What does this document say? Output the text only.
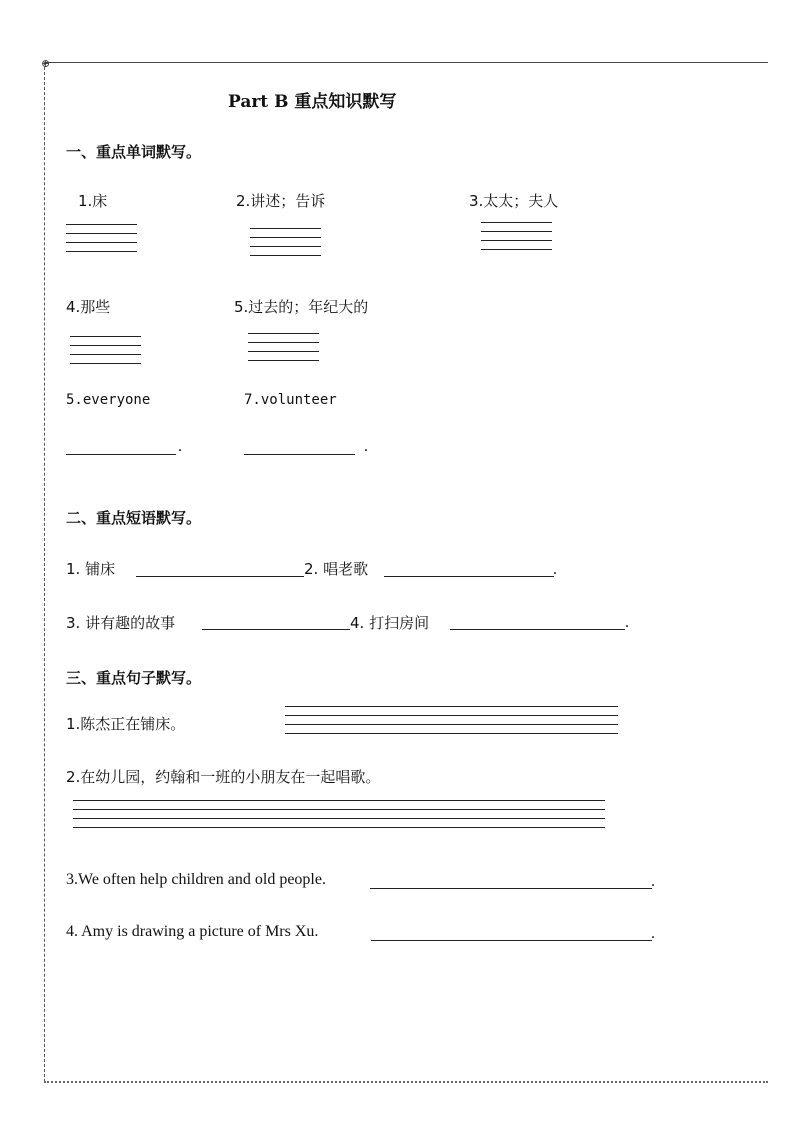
⊕
Part B 重点知识默写
一、重点单词默写。
1.床	2.讲述；告诉	3.太太；夫人
4.那些	5.过去的；年纪大的
5.everyone	7.volunteer
.	.
二、重点短语默写。
1. 铺床	2. 唱老歌	.
3. 讲有趣的故事	4. 打扫房间	.
三、重点句子默写。
1.陈杰正在铺床。
2.在幼儿园，约翰和一班的小朋友在一起唱歌。
3.We often help children and old people.	.
4. Amy is drawing a picture of Mrs Xu.	.
